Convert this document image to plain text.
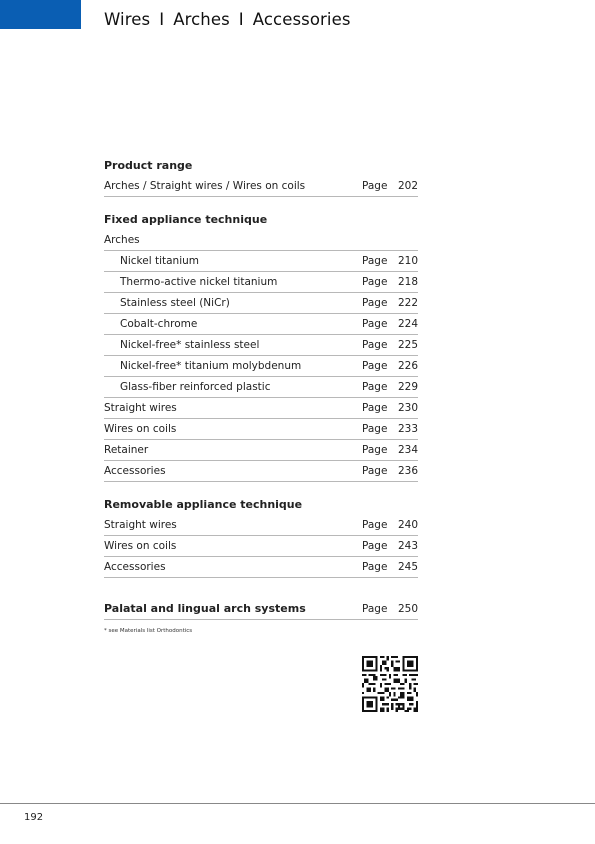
Wires I Arches I Accessories
Product range
Arches / Straight wires / Wires on coils	Page 202
Fixed appliance technique
Arches
Nickel titanium	Page 210
Thermo-active nickel titanium	Page 218
Stainless steel (NiCr)	Page 222
Cobalt-chrome	Page 224
Nickel-free* stainless steel	Page 225
Nickel-free* titanium molybdenum	Page 226
Glass-fiber reinforced plastic	Page 229
Straight wires	Page 230
Wires on coils	Page 233
Retainer	Page 234
Accessories	Page 236
Removable appliance technique
Straight wires	Page 240
Wires on coils	Page 243
Accessories	Page 245
Palatal and lingual arch systems	Page 250
* see Materials list Orthodontics
192
